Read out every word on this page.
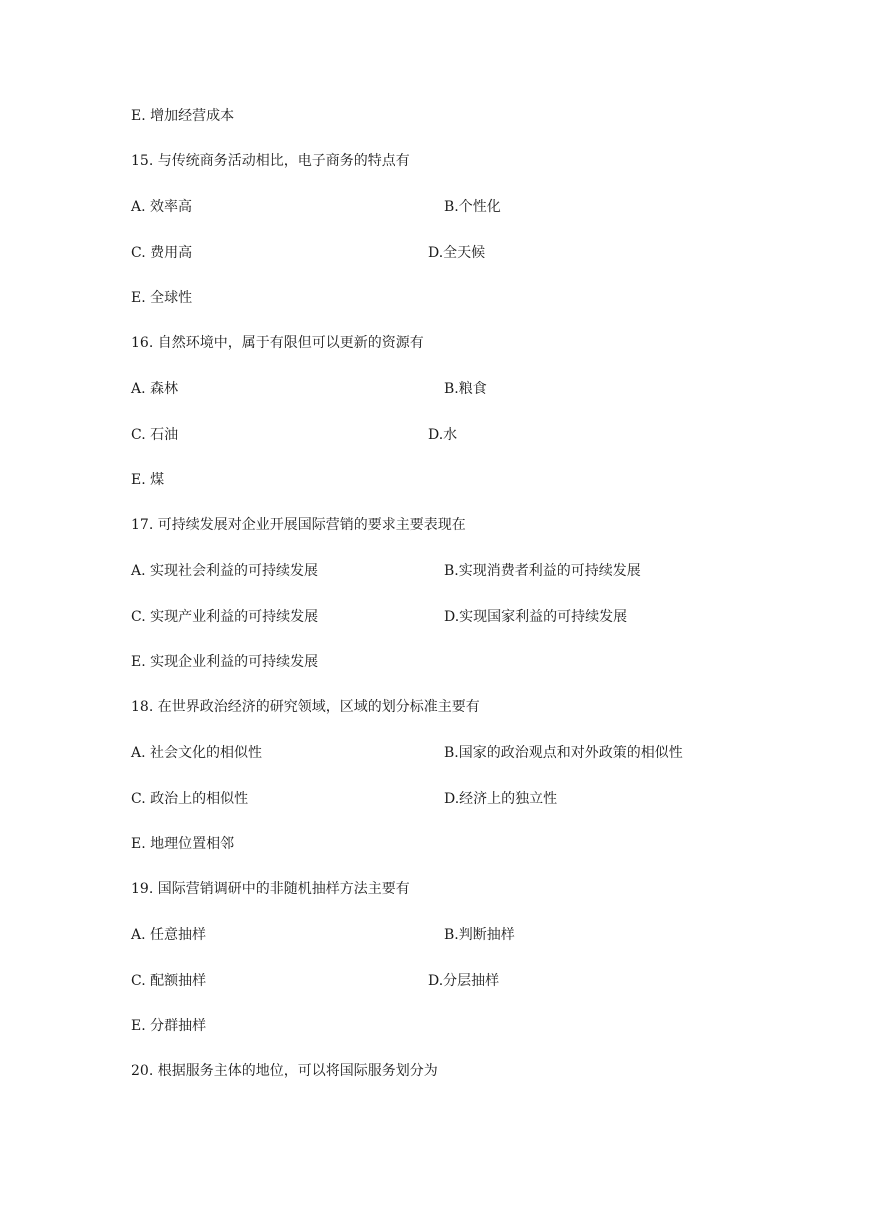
E. 增加经营成本
15. 与传统商务活动相比，电子商务的特点有
A. 效率高	B.个性化
C. 费用高	D.全天候
E. 全球性
16. 自然环境中，属于有限但可以更新的资源有
A. 森林	B.粮食
C. 石油	D.水
E. 煤
17. 可持续发展对企业开展国际营销的要求主要表现在
A. 实现社会利益的可持续发展	B.实现消费者利益的可持续发展
C. 实现产业利益的可持续发展	D.实现国家利益的可持续发展
E. 实现企业利益的可持续发展
18. 在世界政治经济的研究领域，区域的划分标准主要有
A. 社会文化的相似性	B.国家的政治观点和对外政策的相似性
C. 政治上的相似性	D.经济上的独立性
E. 地理位置相邻
19. 国际营销调研中的非随机抽样方法主要有
A. 任意抽样	B.判断抽样
C. 配额抽样	D.分层抽样
E. 分群抽样
20. 根据服务主体的地位，可以将国际服务划分为
